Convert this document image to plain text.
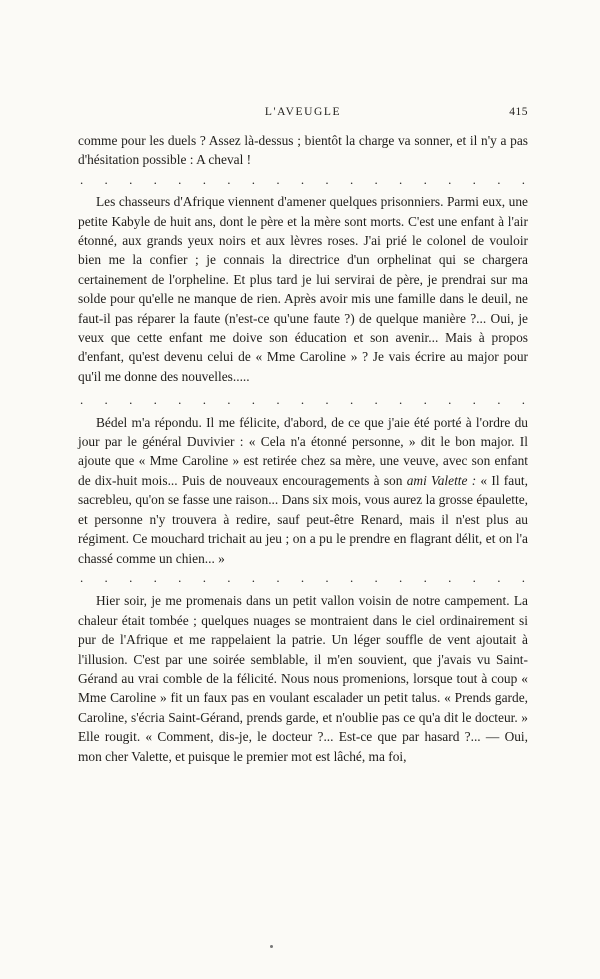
L'AVEUGLE	415

comme pour les duels ? Assez là-dessus ; bientôt la charge va sonner, et il n'y a pas d'hésitation possible : A cheval !

. . . . . . . . . . . . . . . . . . .

Les chasseurs d'Afrique viennent d'amener quelques prisonniers. Parmi eux, une petite Kabyle de huit ans, dont le père et la mère sont morts. C'est une enfant à l'air étonné, aux grands yeux noirs et aux lèvres roses. J'ai prié le colonel de vouloir bien me la confier ; je connais la directrice d'un orphelinat qui se chargera certainement de l'orpheline. Et plus tard je lui servirai de père, je prendrai sur ma solde pour qu'elle ne manque de rien. Après avoir mis une famille dans le deuil, ne faut-il pas réparer la faute (n'est-ce qu'une faute ?) de quelque manière ?... Oui, je veux que cette enfant me doive son éducation et son avenir... Mais à propos d'enfant, qu'est devenu celui de « Mme Caroline » ? Je vais écrire au major pour qu'il me donne des nouvelles.....

. . . . . . . . . . . . . . . . . . .

Bédel m'a répondu. Il me félicite, d'abord, de ce que j'aie été porté à l'ordre du jour par le général Duvivier : « Cela n'a étonné personne, » dit le bon major. Il ajoute que « Mme Caroline » est retirée chez sa mère, une veuve, avec son enfant de dix-huit mois... Puis de nouveaux encouragements à son ami Valette : « Il faut, sacrebleu, qu'on se fasse une raison... Dans six mois, vous aurez la grosse épaulette, et personne n'y trouvera à redire, sauf peut-être Renard, mais il n'est plus au régiment. Ce mouchard trichait au jeu ; on a pu le prendre en flagrant délit, et on l'a chassé comme un chien... »

. . . . . . . . . . . . . . . . . . .

Hier soir, je me promenais dans un petit vallon voisin de notre campement. La chaleur était tombée ; quelques nuages se montraient dans le ciel ordinairement si pur de l'Afrique et me rappelaient la patrie. Un léger souffle de vent ajoutait à l'illusion. C'est par une soirée semblable, il m'en souvient, que j'avais vu Saint-Gérand au vrai comble de la félicité. Nous nous promenions, lorsque tout à coup « Mme Caroline » fit un faux pas en voulant escalader un petit talus. « Prends garde, Caroline, s'écria Saint-Gérand, prends garde, et n'oublie pas ce qu'a dit le docteur. » Elle rougit. « Comment, dis-je, le docteur ?... Est-ce que par hasard ?... — Oui, mon cher Valette, et puisque le premier mot est lâché, ma foi,
